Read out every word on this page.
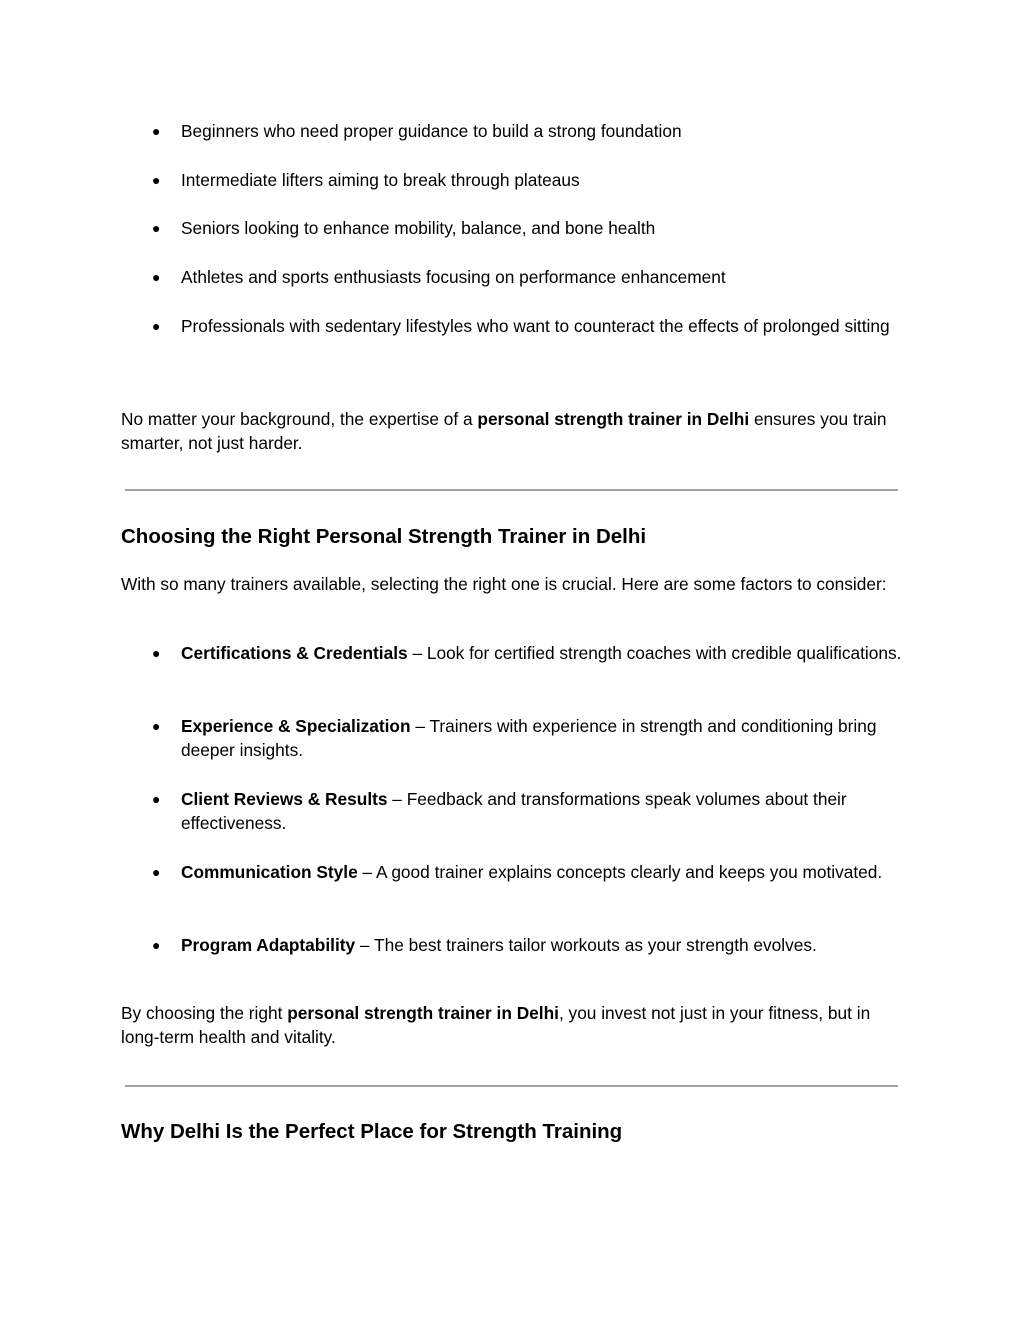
● Beginners who need proper guidance to build a strong foundation
● Intermediate lifters aiming to break through plateaus
● Seniors looking to enhance mobility, balance, and bone health
● Athletes and sports enthusiasts focusing on performance enhancement
● Professionals with sedentary lifestyles who want to counteract the effects of prolonged sitting

No matter your background, the expertise of a personal strength trainer in Delhi ensures you train smarter, not just harder.

Choosing the Right Personal Strength Trainer in Delhi

With so many trainers available, selecting the right one is crucial. Here are some factors to consider:

● Certifications & Credentials – Look for certified strength coaches with credible qualifications.
● Experience & Specialization – Trainers with experience in strength and conditioning bring deeper insights.
● Client Reviews & Results – Feedback and transformations speak volumes about their effectiveness.
● Communication Style – A good trainer explains concepts clearly and keeps you motivated.
● Program Adaptability – The best trainers tailor workouts as your strength evolves.

By choosing the right personal strength trainer in Delhi, you invest not just in your fitness, but in long-term health and vitality.

Why Delhi Is the Perfect Place for Strength Training
